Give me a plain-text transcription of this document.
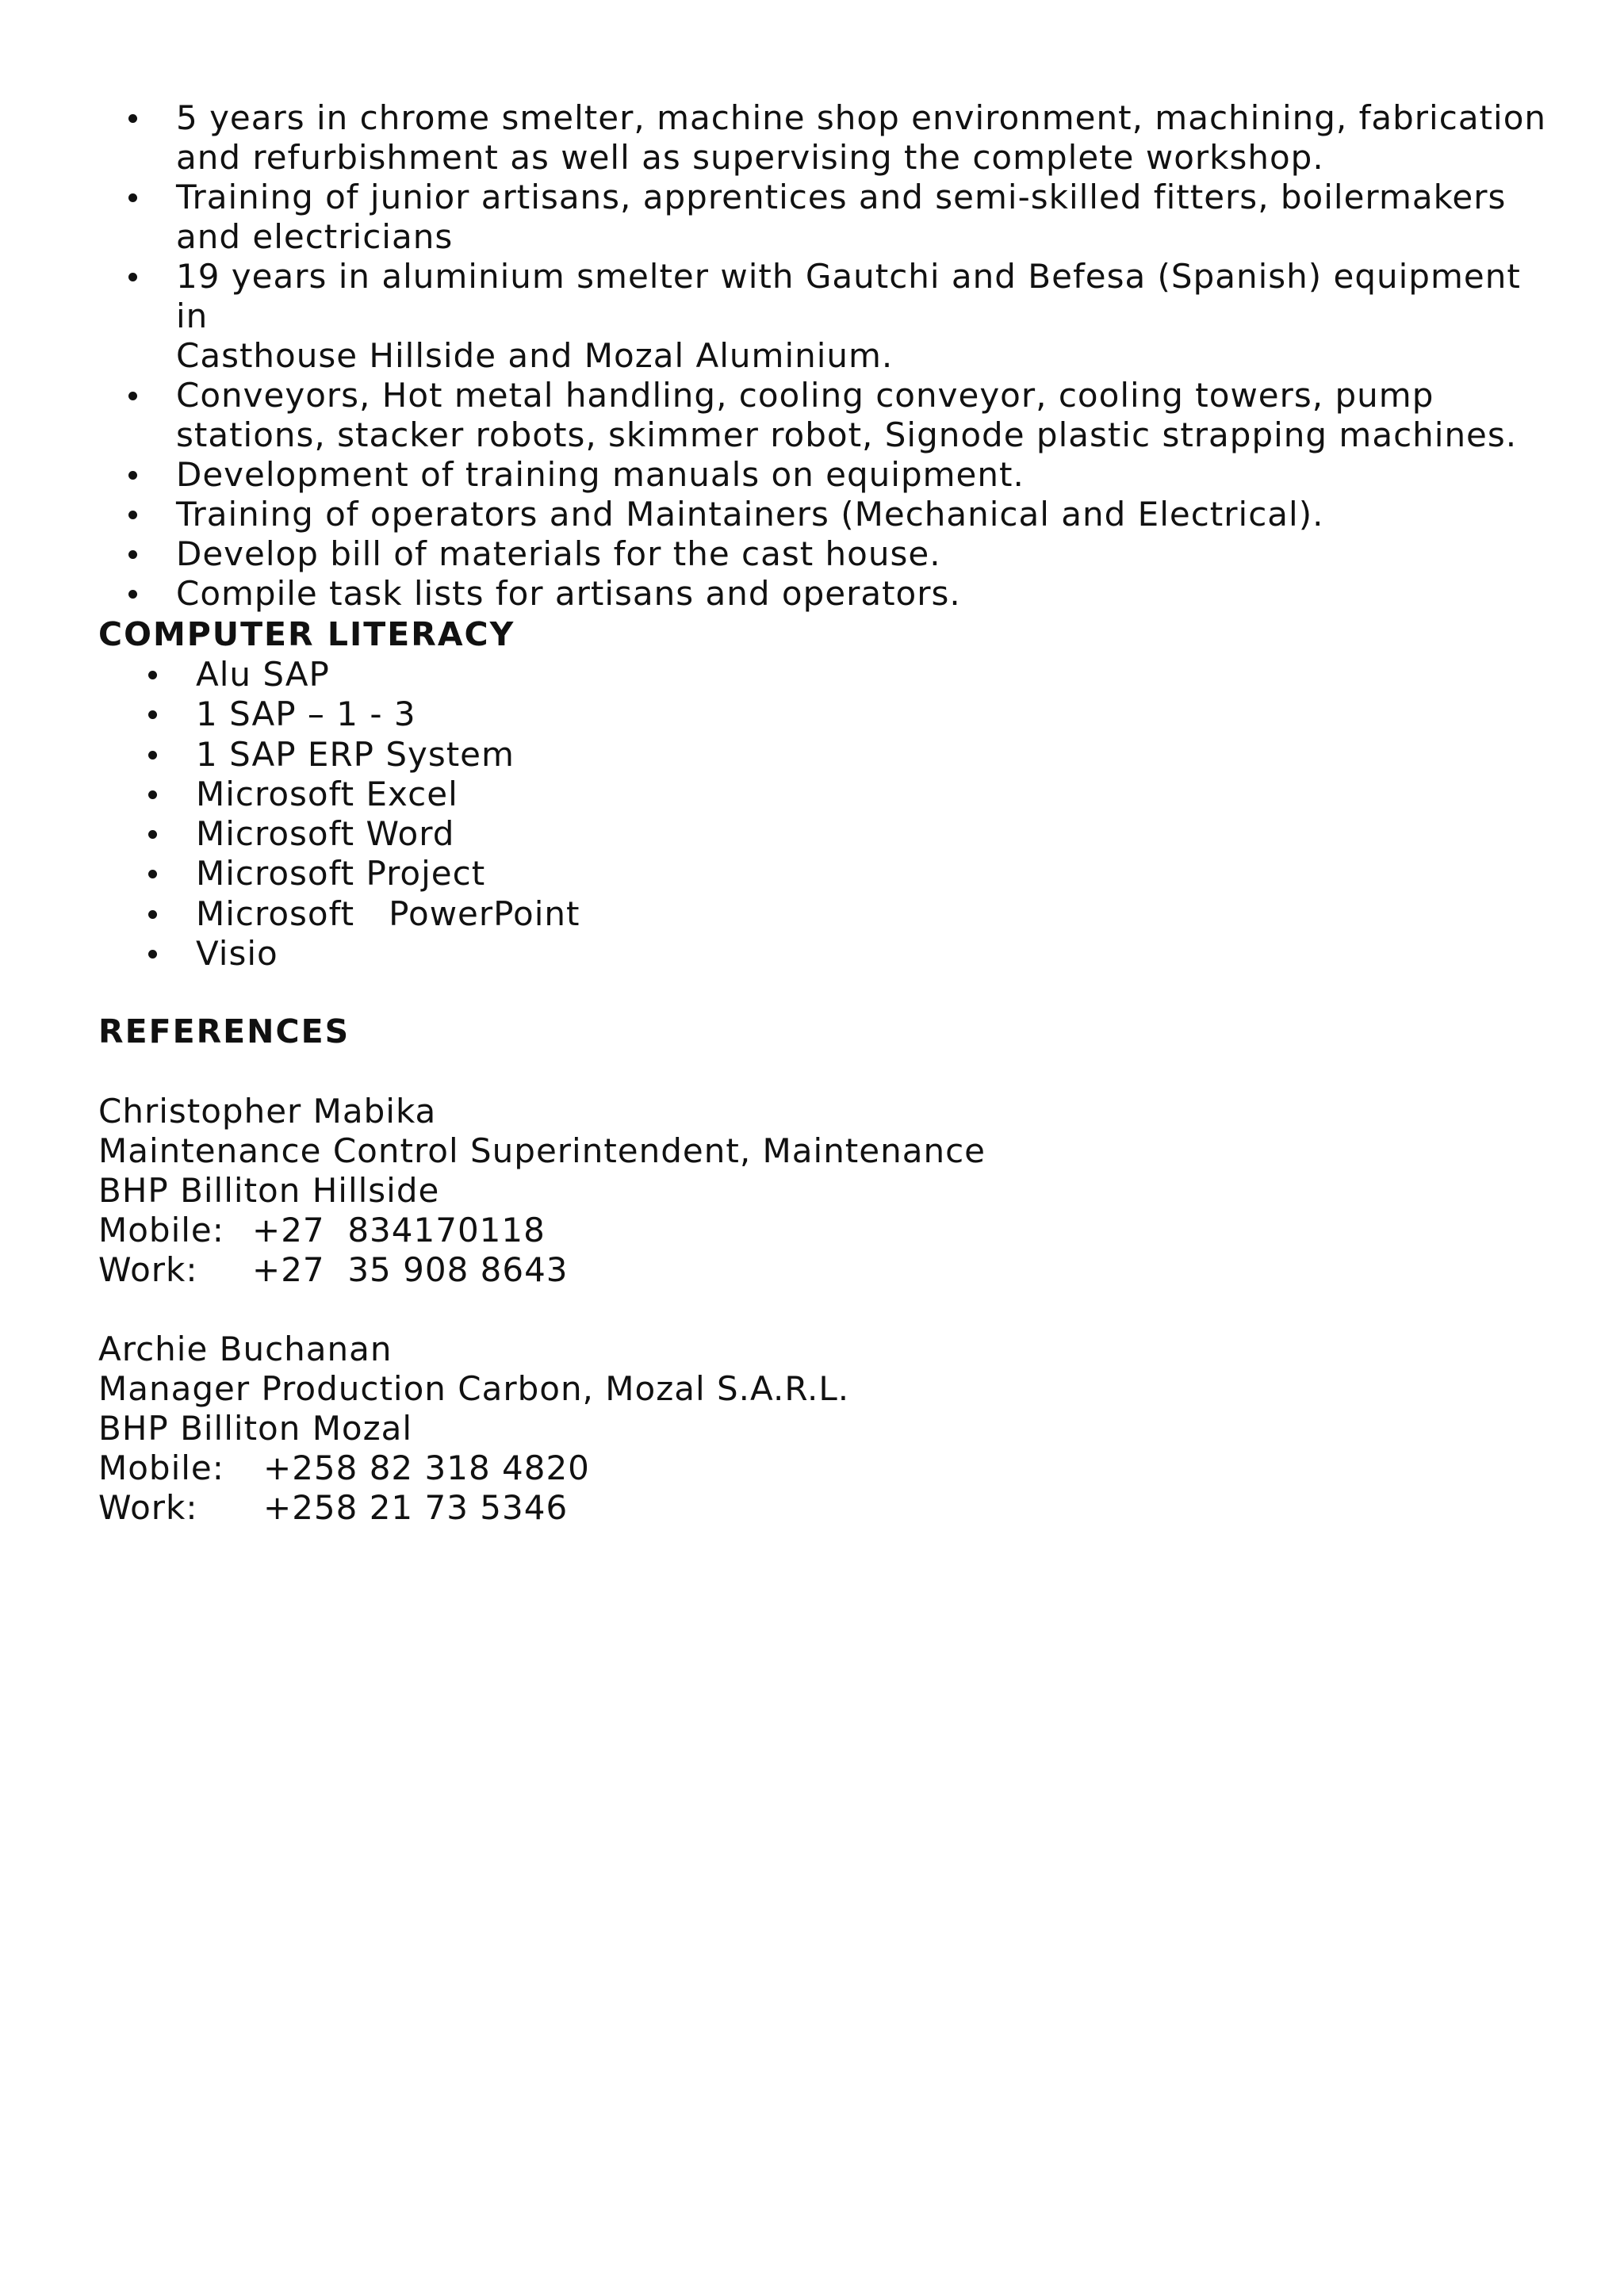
5 years in chrome smelter, machine shop environment, machining, fabrication
and refurbishment as well as supervising the complete workshop.
Training of junior artisans, apprentices and semi-skilled fitters, boilermakers
and electricians
19 years in aluminium smelter with Gautchi and Befesa (Spanish) equipment in
Casthouse Hillside and Mozal Aluminium.
Conveyors, Hot metal handling, cooling conveyor, cooling towers, pump
stations, stacker robots, skimmer robot, Signode plastic strapping machines.
Development of training manuals on equipment.
Training of operators and Maintainers (Mechanical and Electrical).
Develop bill of materials for the cast house.
Compile task lists for artisans and operators.
COMPUTER LITERACY
Alu SAP
1 SAP – 1 - 3
1 SAP ERP System
Microsoft Excel
Microsoft Word
Microsoft Project
Microsoft   PowerPoint
Visio
REFERENCES
Christopher Mabika
Maintenance Control Superintendent, Maintenance
BHP Billiton Hillside
Mobile: +27  834170118
Work:	+27  35 908 8643
Archie Buchanan
Manager Production Carbon, Mozal S.A.R.L.
BHP Billiton Mozal
Mobile:	+258 82 318 4820
Work:	+258 21 73 5346
